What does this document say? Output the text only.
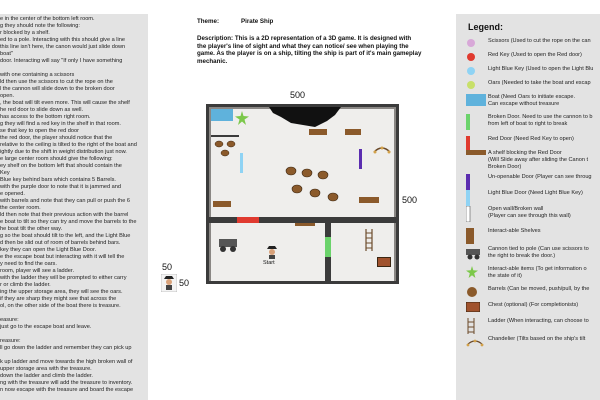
e in the center of the bottom left room.
g they should note the following:
r blocked by a shelf.
ed to a pole. Interacting with this should give a line
this line isn't here, the canon would just slide down
boat"
door. Interacting will say "If only I have something
with one containing a scissors
ld then use the scissors to cut the rope on the
l the cannon will slide down to the broken door
open.
, the boat will tilt even more. This will cause the shelf
he red door to slide down as well.
has access to the bottom right room.
g they will find a red key in the shelf in that room.
se that key to open the red door
the red door, the player should notice that the
relative to the ceiling is tilted to the right of the boat and
ightly due to the shift in weight distribution just now.
e large center room should give the following:
ey shelf on the bottom left that should contain the
Key
Blue key behind bars which contains 5 Barrels.
with the purple door to note that it is jammed and
e opened.
with barrels and note that they can pull or push the 6
the center room.
ld then note that their previous action with the barrel
e boat to tilt so they can try and move the barrels to the
he boat tilt the other way.
g so the boat should tilt to the left, and the Light Blue
d then be slid out of room of barrels behind bars.
key they can open the Light Blue Door.
e the escape boat but interacting with it will tell the
y need to find the oars.
room, player will see a ladder.
with the ladder they will be prompted to either carry
r or climb the ladder.
ing the upper storage area, they will see the oars.
if they are sharp they might see that across the
ol, on the other side of the boat there is treasure.
easure:
just go to the escape boat and leave.
reasure:
ll go down the ladder and remember they can pick up
k up ladder and move towards the high broken wall of
upper storage area with the treasure.
down the ladder and climb the ladder.
ng with the treasure will add the treasure to inventory.
n now escape with the treasure and board the escape
Theme:	Pirate Ship
Description: This is a 2D representation of a 3D game. It is designed with
the player's line of sight and what they can notice/ see when playing the
game. As the player is on a ship, tilting the ship is part of it's main gameplay
mechanic.
500
500
50
50
Start
Legend:
Scissors (Used to cut the rope on the can
Red Key (Used to open the Red door)
Light Blue Key (Used to open the Light Blu
Oars (Needed to take the boat and escap
Boat (Need Oars to initiate escape.
Can escape without treasure
Broken Door. Need to use the cannon to b
from left of boat to right to break
Red Door (Need Red Key to open)
A shelf blocking the Red Door
(Will Slide away after sliding the Canon t
Broken Door)
Un-openable Door (Player can see throug
Light Blue Door (Need Light Blue Key)
Open wall/Broken wall
(Player can see through this wall)
Interact-able Shelves
Cannon tied to pole (Can use scissors to
the right to break the door.)
Interact-able items (To get information o
the state of it)
Barrels (Can be moved, push/pull, by the
Chest (optional) (For completionists)
Ladder (When interacting, can choose to
Chandelier (Tilts based on the ship's tilt
